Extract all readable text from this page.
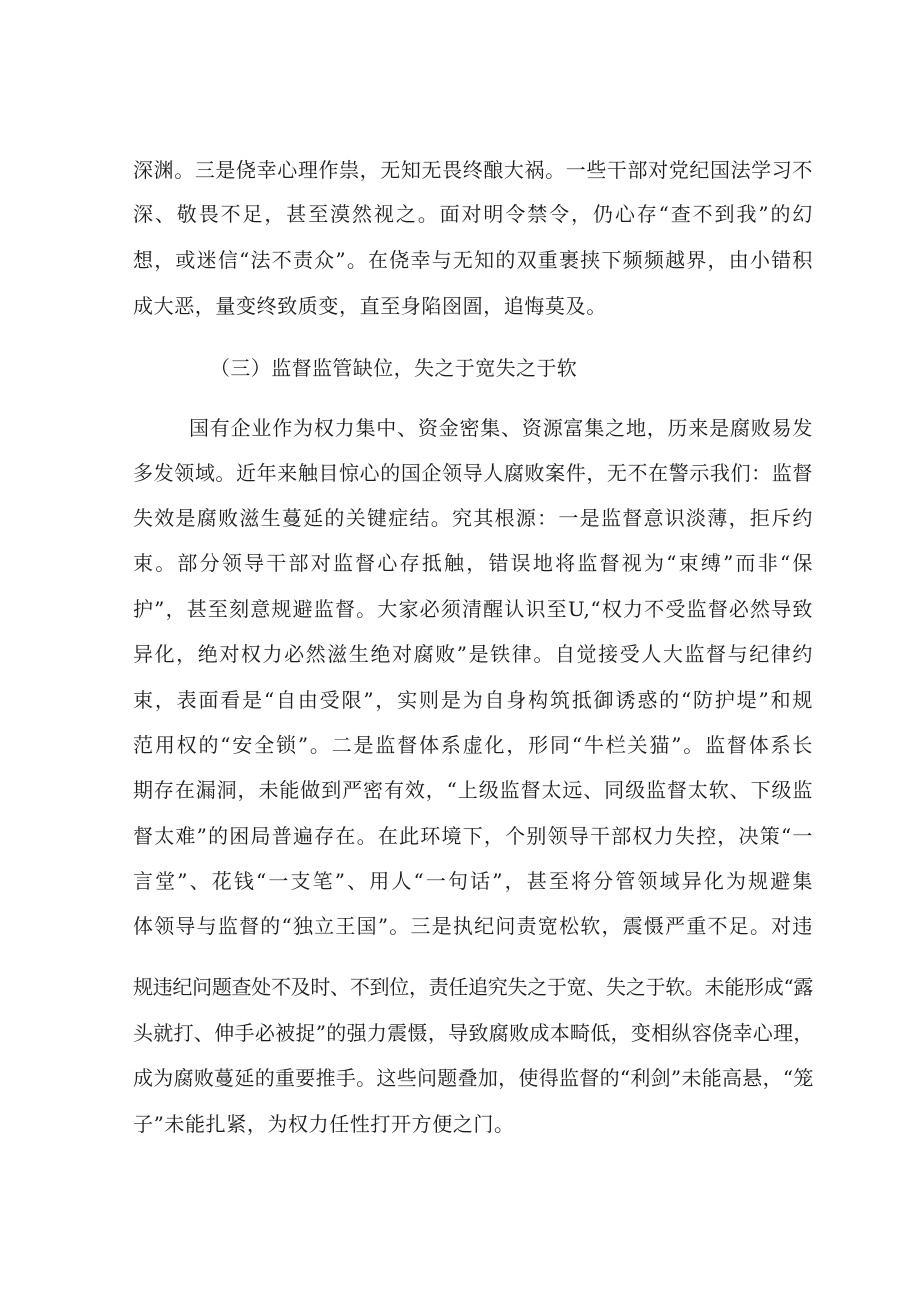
深渊。三是侥幸心理作祟，无知无畏终酿大祸。一些干部对党纪国法学习不
深、敬畏不足，甚至漠然视之。面对明令禁令，仍心存“查不到我”的幻
想，或迷信“法不责众”。在侥幸与无知的双重裹挟下频频越界，由小错积
成大恶，量变终致质变，直至身陷囹圄，追悔莫及。
（三）监督监管缺位，失之于宽失之于软
国有企业作为权力集中、资金密集、资源富集之地，历来是腐败易发
多发领域。近年来触目惊心的国企领导人腐败案件，无不在警示我们：监督
失效是腐败滋生蔓延的关键症结。究其根源：一是监督意识淡薄，拒斥约
束。部分领导干部对监督心存抵触，错误地将监督视为“束缚”而非“保
护”，甚至刻意规避监督。大家必须清醒认识至U,“权力不受监督必然导致
异化，绝对权力必然滋生绝对腐败”是铁律。自觉接受人大监督与纪律约
束，表面看是“自由受限”，实则是为自身构筑抵御诱惑的“防护堤”和规
范用权的“安全锁”。二是监督体系虚化，形同“牛栏关猫”。监督体系长
期存在漏洞，未能做到严密有效，“上级监督太远、同级监督太软、下级监
督太难”的困局普遍存在。在此环境下，个别领导干部权力失控，决策“一
言堂”、花钱“一支笔”、用人“一句话”，甚至将分管领域异化为规避集
体领导与监督的“独立王国”。三是执纪问责宽松软，震慑严重不足。对违
规违纪问题查处不及时、不到位，责任追究失之于宽、失之于软。未能形成“露
头就打、伸手必被捉”的强力震慑，导致腐败成本畸低，变相纵容侥幸心理，
成为腐败蔓延的重要推手。这些问题叠加，使得监督的“利剑”未能高悬，“笼
子”未能扎紧，为权力任性打开方便之门。
